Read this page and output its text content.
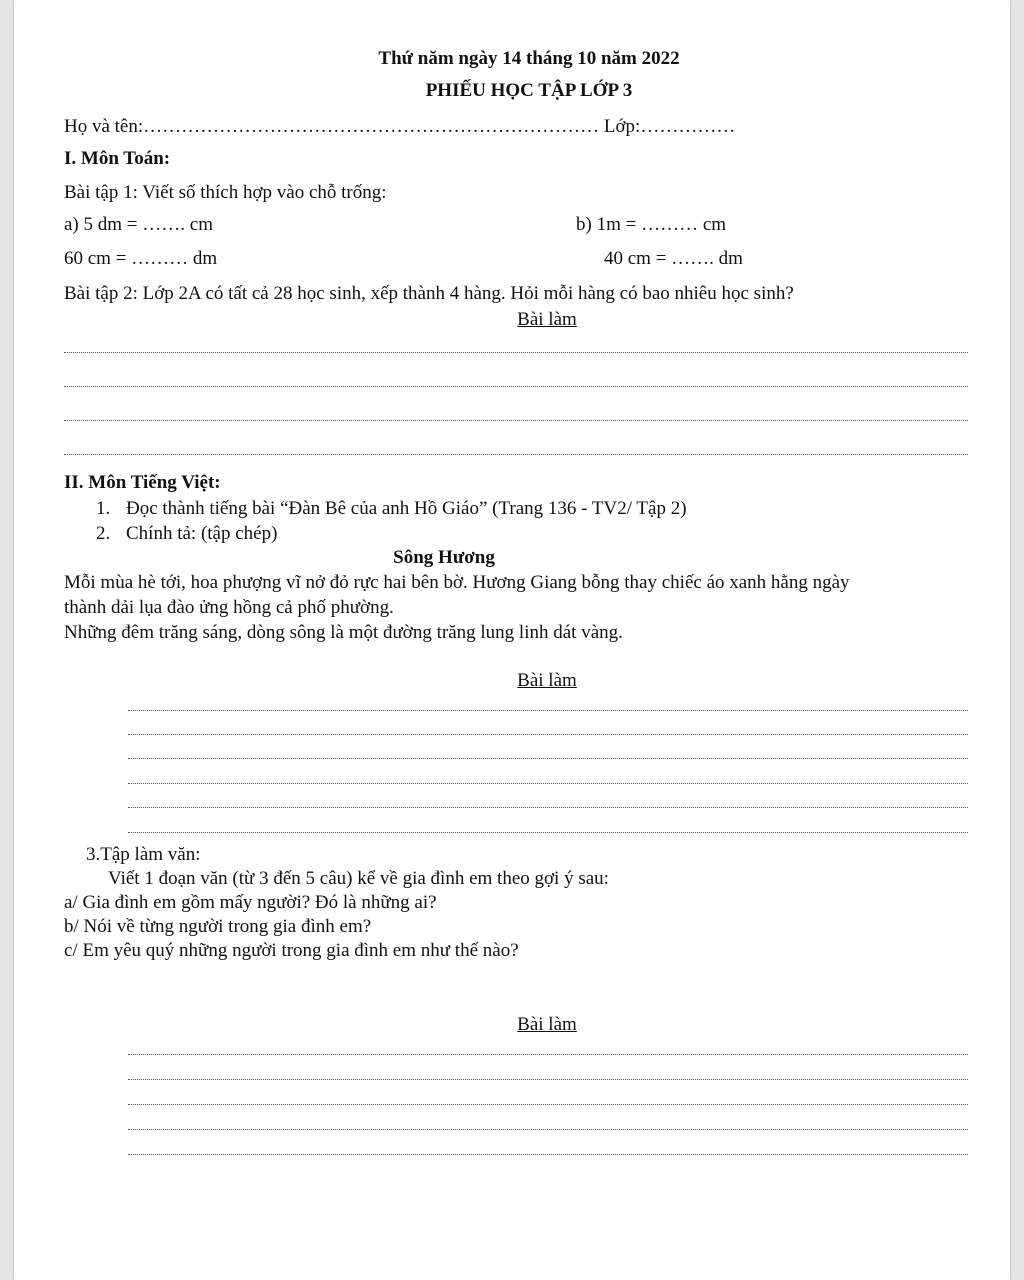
Thứ năm ngày 14 tháng 10 năm 2022
PHIẾU HỌC TẬP LỚP 3
Họ và tên:……………………………………………………………… Lớp:……………
I. Môn Toán:
Bài tập 1: Viết số thích hợp vào chỗ trống:
a) 5 dm = ……. cm	b) 1m = ……… cm
60 cm = ……… dm	40 cm = ……. dm
Bài tập 2: Lớp 2A có tất cả 28 học sinh, xếp thành 4 hàng. Hỏi mỗi hàng có bao nhiêu học sinh?
Bài làm
II. Môn Tiếng Việt:
1. Đọc thành tiếng bài “Đàn Bê của anh Hồ Giáo” (Trang 136 - TV2/ Tập 2)
2. Chính tả: (tập chép)
Sông Hương
Mỗi mùa hè tới, hoa phượng vĩ nở đỏ rực hai bên bờ. Hương Giang bỗng thay chiếc áo xanh hằng ngày
thành dải lụa đào ửng hồng cả phố phường.
Những đêm trăng sáng, dòng sông là một đường trăng lung linh dát vàng.
Bài làm
3.Tập làm văn:
Viết 1 đoạn văn (từ 3 đến 5 câu) kể về gia đình em theo gợi ý sau:
a/ Gia đình em gồm mấy người? Đó là những ai?
b/ Nói về từng người trong gia đình em?
c/ Em yêu quý những người trong gia đình em như thế nào?
Bài làm
